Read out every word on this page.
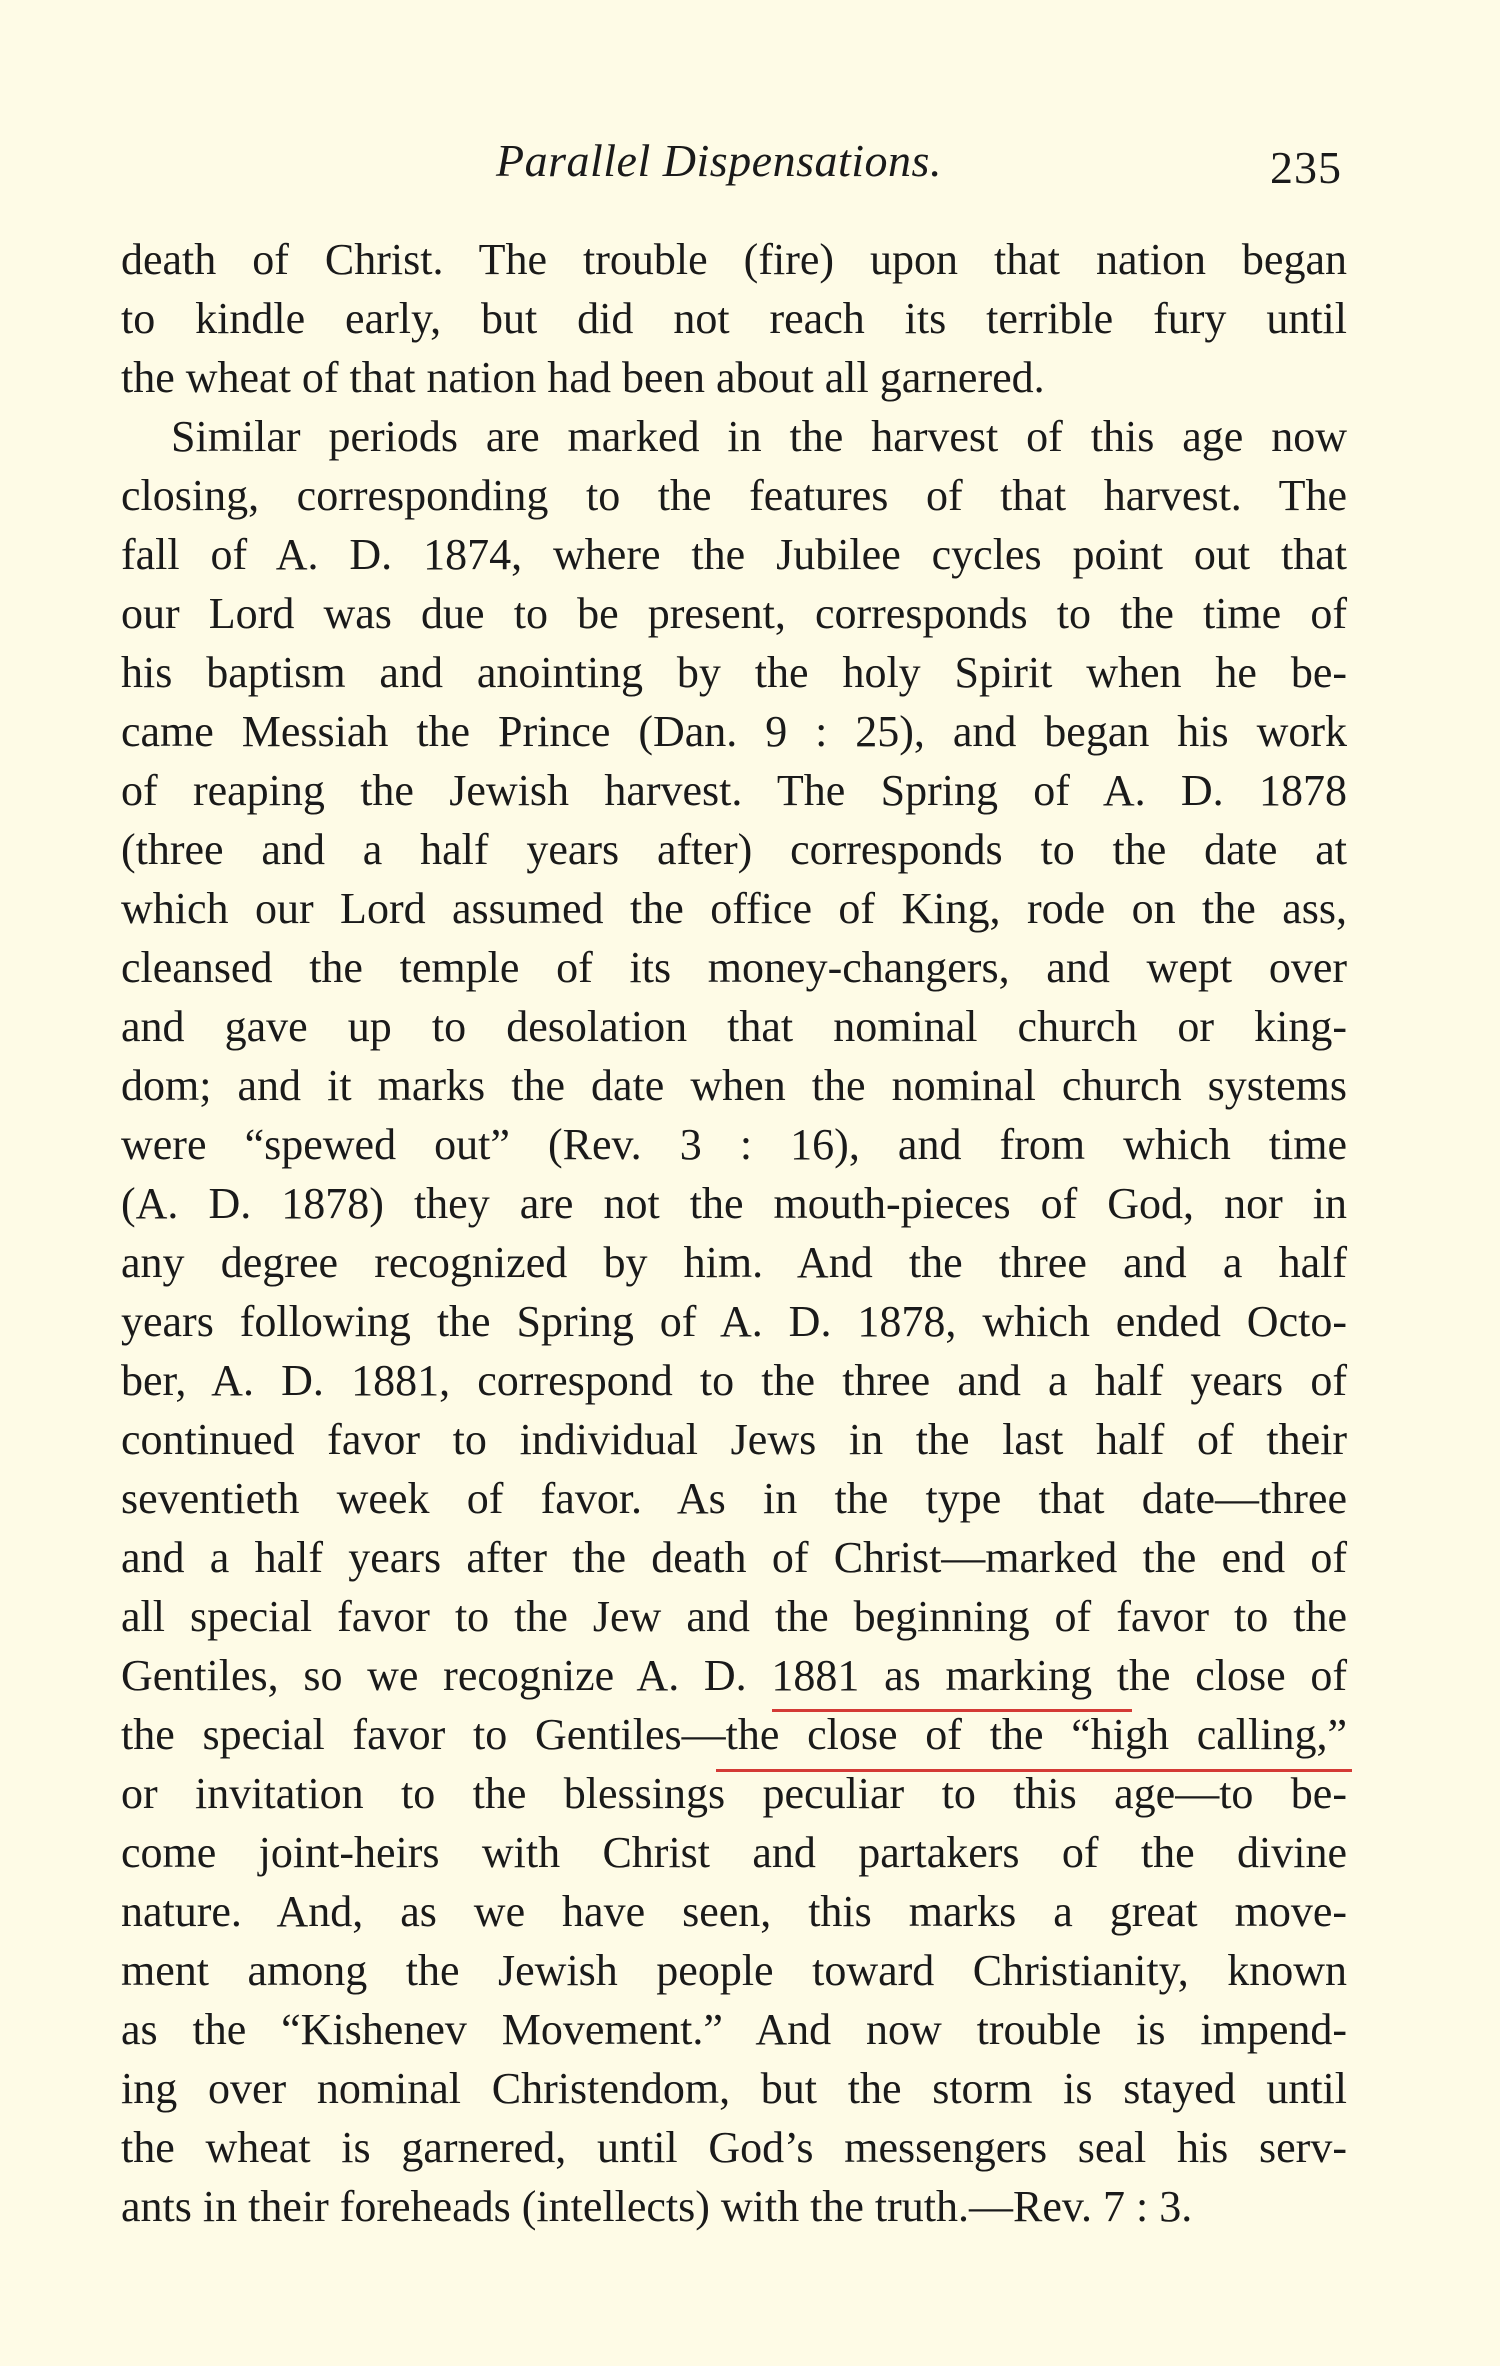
Parallel Dispensations.	235
death of Christ. The trouble (fire) upon that nation began
to kindle early, but did not reach its terrible fury until
the wheat of that nation had been about all garnered.
Similar periods are marked in the harvest of this age now
closing, corresponding to the features of that harvest. The
fall of A. D. 1874, where the Jubilee cycles point out that
our Lord was due to be present, corresponds to the time of
his baptism and anointing by the holy Spirit when he be-
came Messiah the Prince (Dan. 9 : 25), and began his work
of reaping the Jewish harvest. The Spring of A. D. 1878
(three and a half years after) corresponds to the date at
which our Lord assumed the office of King, rode on the ass,
cleansed the temple of its money-changers, and wept over
and gave up to desolation that nominal church or king-
dom; and it marks the date when the nominal church systems
were “spewed out” (Rev. 3 : 16), and from which time
(A. D. 1878) they are not the mouth-pieces of God, nor in
any degree recognized by him. And the three and a half
years following the Spring of A. D. 1878, which ended Octo-
ber, A. D. 1881, correspond to the three and a half years of
continued favor to individual Jews in the last half of their
seventieth week of favor. As in the type that date—three
and a half years after the death of Christ—marked the end of
all special favor to the Jew and the beginning of favor to the
Gentiles, so we recognize A. D. 1881 as marking the close of
the special favor to Gentiles—the close of the “high calling,”
or invitation to the blessings peculiar to this age—to be-
come joint-heirs with Christ and partakers of the divine
nature. And, as we have seen, this marks a great move-
ment among the Jewish people toward Christianity, known
as the “Kishenev Movement.” And now trouble is impend-
ing over nominal Christendom, but the storm is stayed until
the wheat is garnered, until God’s messengers seal his serv-
ants in their foreheads (intellects) with the truth.—Rev. 7 : 3.
